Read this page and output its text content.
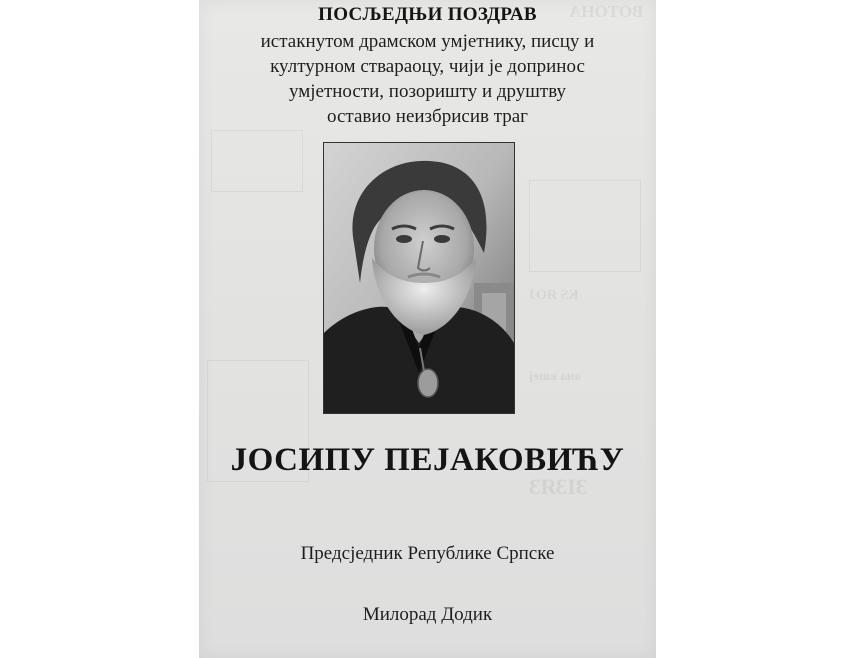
ВОТОНА
КЅ ЯОЈ
ана вшеј
ЗІЗЯЗ
ПОСЉЕДЊИ ПОЗДРАВ
истакнутом драмском умјетнику, писцу и
културном ствараоцу, чији је допринос
умјетности, позоришту и друштву
оставио неизбрисив траг
ЈОСИПУ ПЕЈАКОВИЋУ
Предсједник Републике Српске
Милорад Додик
